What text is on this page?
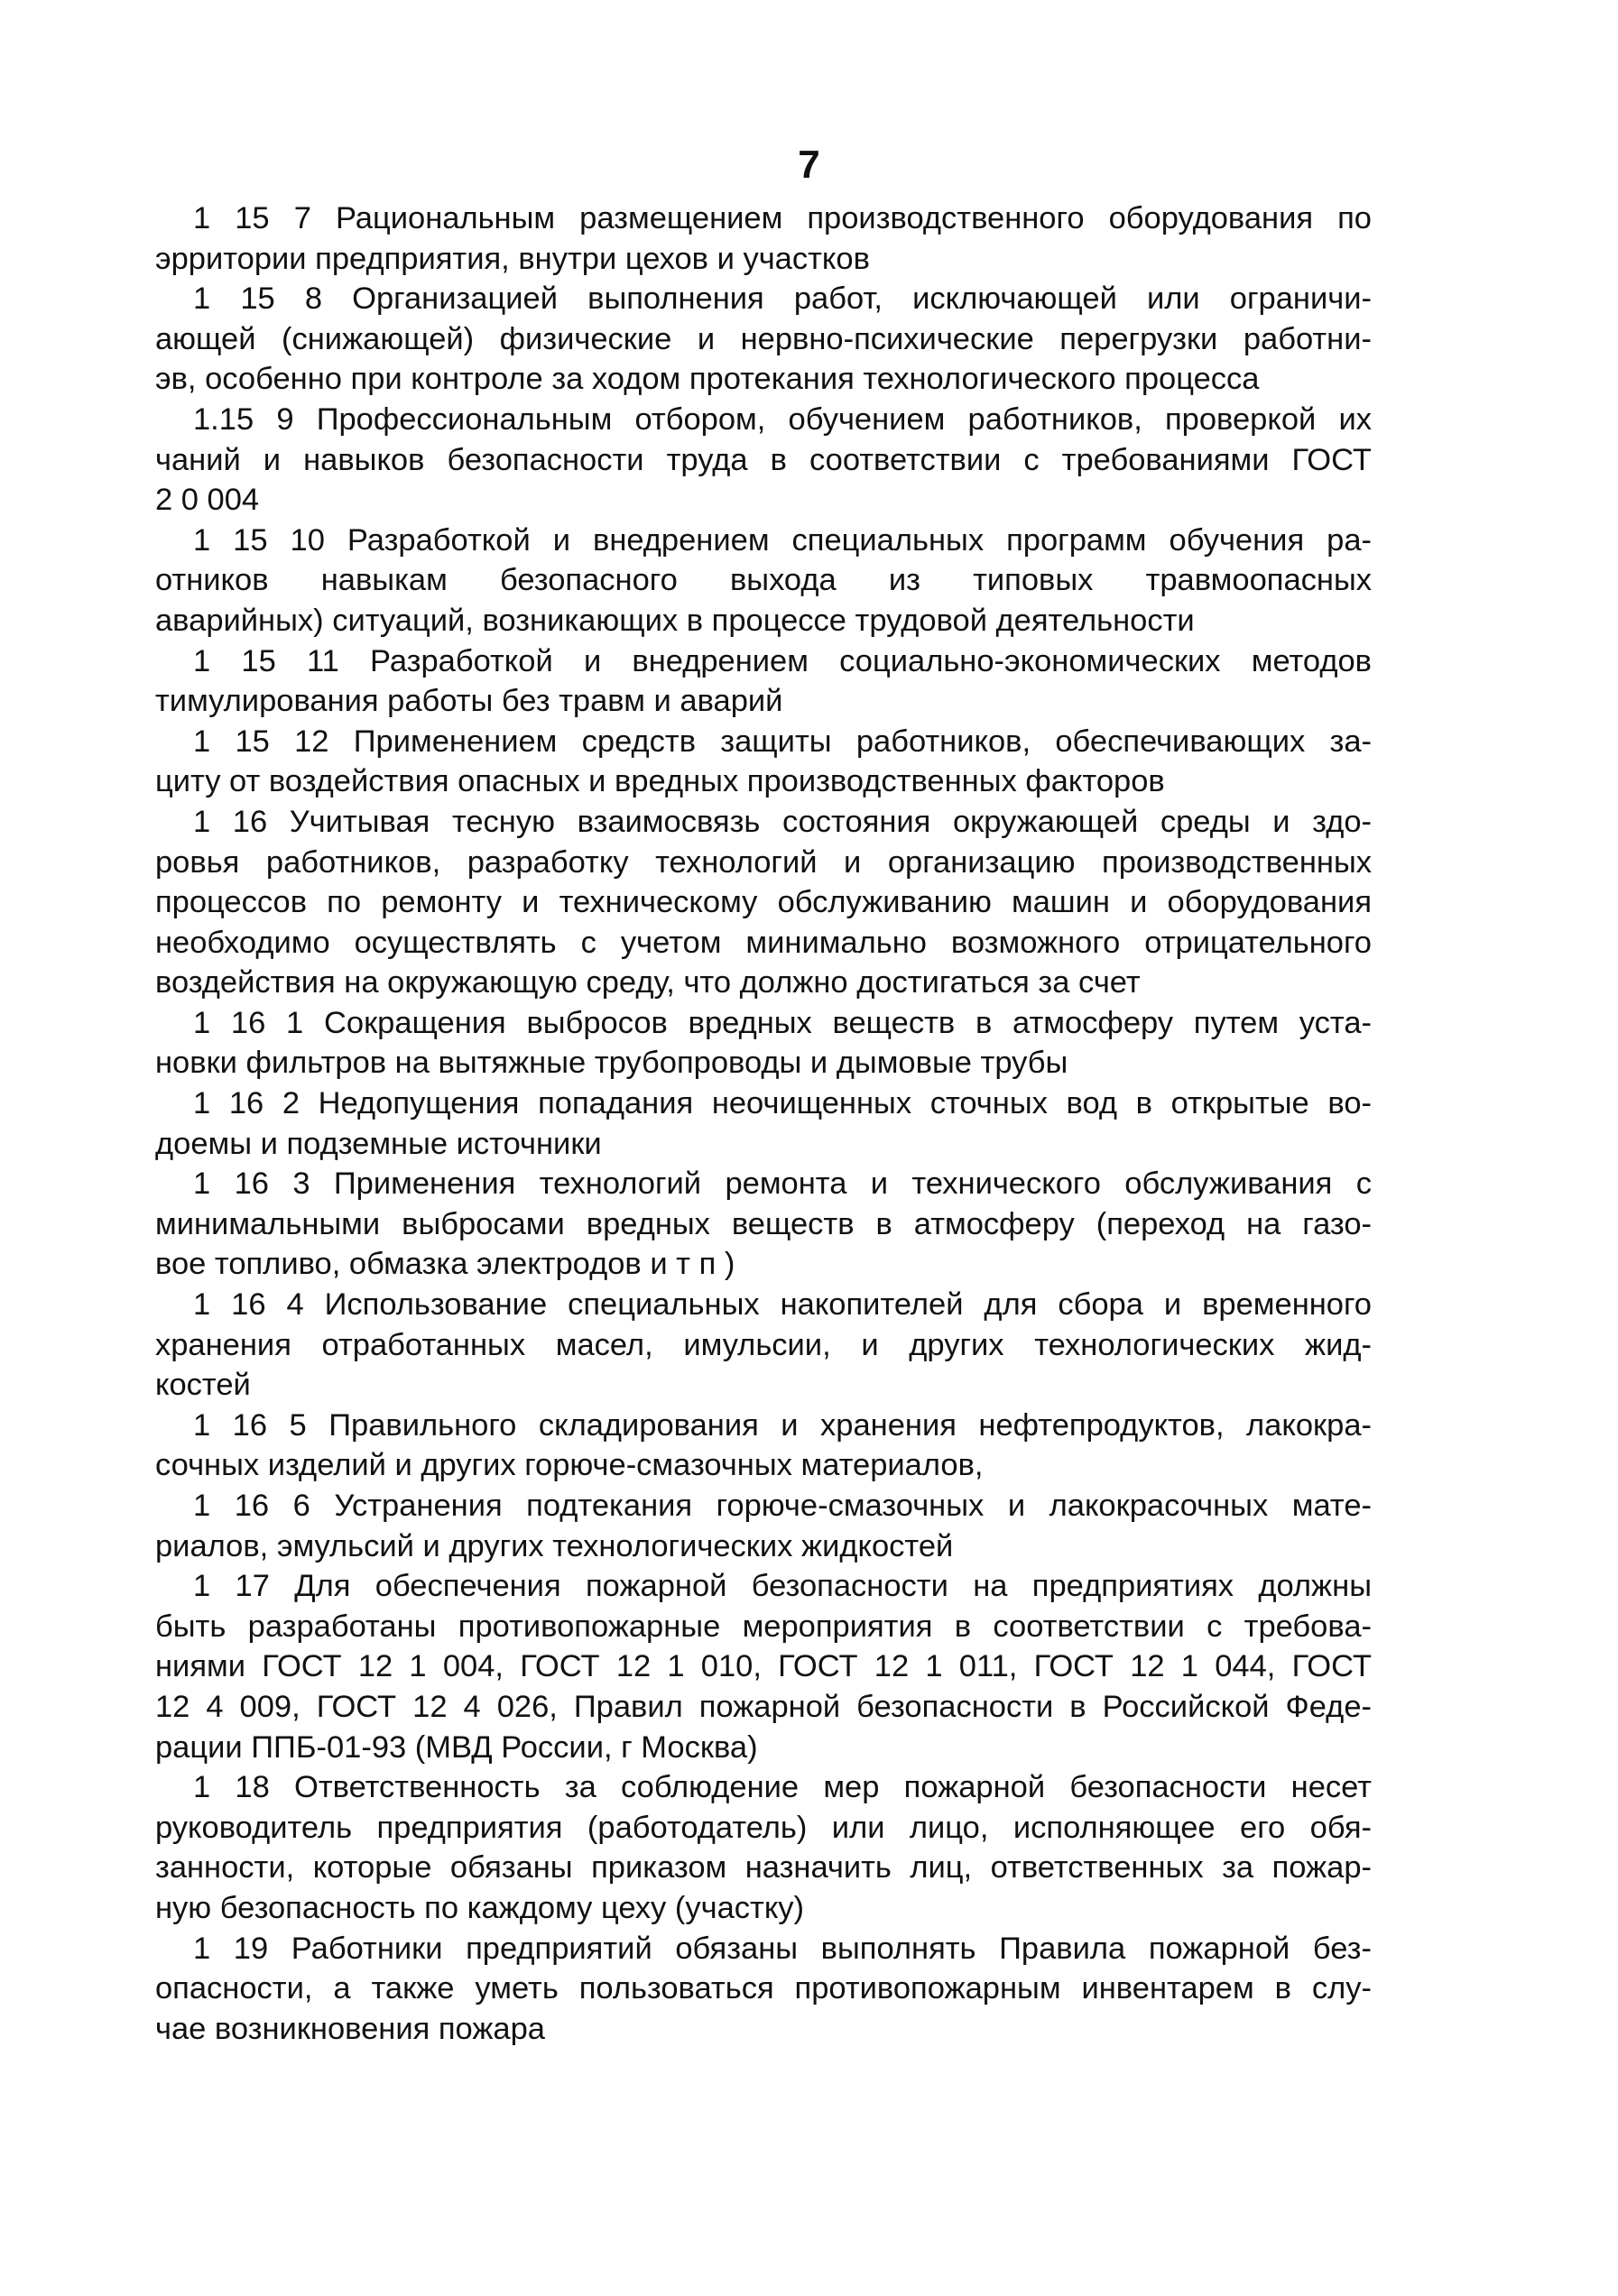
7

1 15 7 Рациональным размещением производственного оборудования по
эрритории предприятия, внутри цехов и участков

1 15 8 Организацией выполнения работ, исключающей или ограничи-
ающей (снижающей) физические и нервно-психические перегрузки работни-
эв, особенно при контроле за ходом протекания технологического процесса

1.15 9 Профессиональным отбором, обучением работников, проверкой их
чаний и навыков безопасности труда в соответствии с требованиями ГОСТ
2 0 004

1 15 10 Разработкой и внедрением специальных программ обучения ра-
отников навыкам безопасного выхода из типовых травмоопасных
аварийных) ситуаций, возникающих в процессе трудовой деятельности

1 15 11 Разработкой и внедрением социально-экономических методов
тимулирования работы без травм и аварий

1 15 12 Применением средств защиты работников, обеспечивающих за-
циту от воздействия опасных и вредных производственных факторов

1 16 Учитывая тесную взаимосвязь состояния окружающей среды и здо-
ровья работников, разработку технологий и организацию производственных
процессов по ремонту и техническому обслуживанию машин и оборудования
необходимо осуществлять с учетом минимально возможного отрицательного
воздействия на окружающую среду, что должно достигаться за счет

1 16 1 Сокращения выбросов вредных веществ в атмосферу путем уста-
новки фильтров на вытяжные трубопроводы и дымовые трубы

1 16 2 Недопущения попадания неочищенных сточных вод в открытые во-
доемы и подземные источники

1 16 3 Применения технологий ремонта и технического обслуживания с
минимальными выбросами вредных веществ в атмосферу (переход на газо-
вое топливо, обмазка электродов и т п )

1 16 4 Использование специальных накопителей для сбора и временного
хранения отработанных масел, имульсии, и других технологических жид-
костей

1 16 5 Правильного складирования и хранения нефтепродуктов, лакокра-
сочных изделий и других горюче-смазочных материалов,

1 16 6 Устранения подтекания горюче-смазочных и лакокрасочных мате-
риалов, эмульсий и других технологических жидкостей

1 17 Для обеспечения пожарной безопасности на предприятиях должны
быть разработаны противопожарные мероприятия в соответствии с требова-
ниями ГОСТ 12 1 004, ГОСТ 12 1 010, ГОСТ 12 1 011, ГОСТ 12 1 044, ГОСТ
12 4 009, ГОСТ 12 4 026, Правил пожарной безопасности в Российской Феде-
рации ППБ-01-93 (МВД России, г Москва)

1 18 Ответственность за соблюдение мер пожарной безопасности несет
руководитель предприятия (работодатель) или лицо, исполняющее его обя-
занности, которые обязаны приказом назначить лиц, ответственных за пожар-
ную безопасность по каждому цеху (участку)

1 19 Работники предприятий обязаны выполнять Правила пожарной без-
опасности, а также уметь пользоваться противопожарным инвентарем в слу-
чае возникновения пожара
